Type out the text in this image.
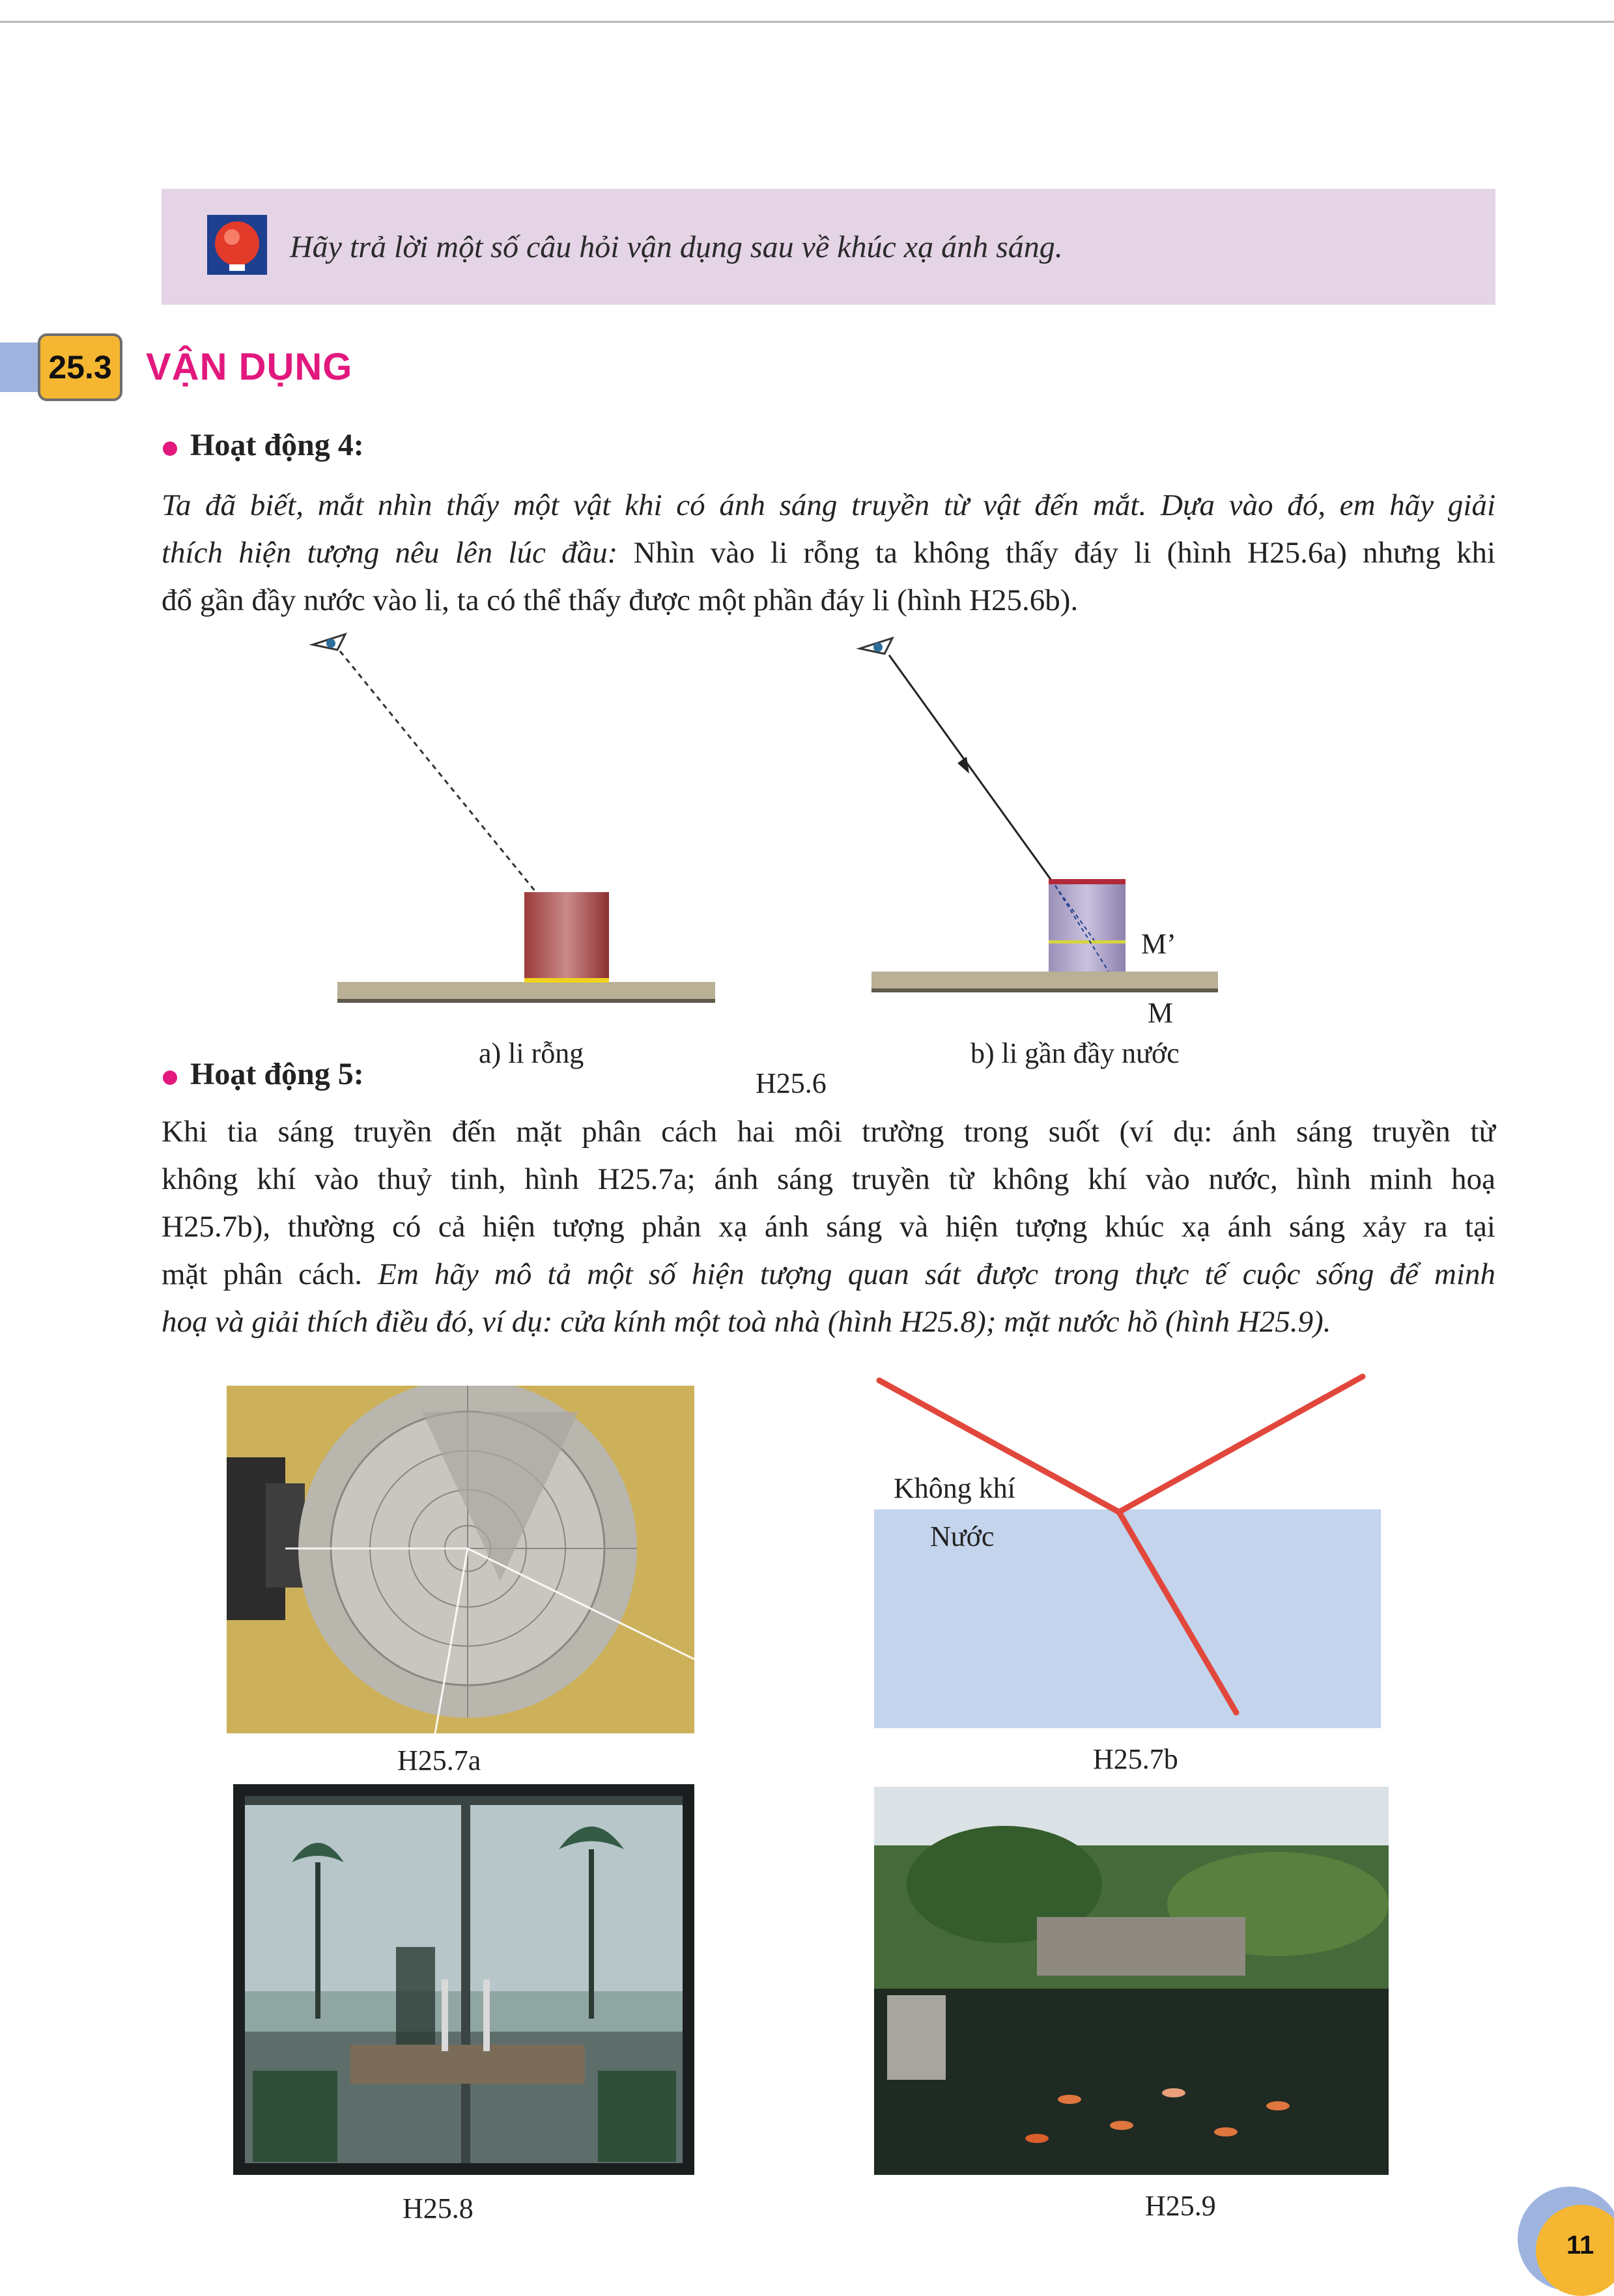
Hãy trả lời một số câu hỏi vận dụng sau về khúc xạ ánh sáng.
25.3 VẬN DỤNG
Hoạt động 4:
Ta đã biết, mắt nhìn thấy một vật khi có ánh sáng truyền từ vật đến mắt. Dựa vào đó, em hãy giải
thích hiện tượng nêu lên lúc đầu: Nhìn vào li rỗng ta không thấy đáy li (hình H25.6a) nhưng khi
đổ gần đầy nước vào li, ta có thể thấy được một phần đáy li (hình H25.6b).
M’
M
a) li rỗng	b) li gần đầy nước
H25.6
Hoạt động 5:
Khi tia sáng truyền đến mặt phân cách hai môi trường trong suốt (ví dụ: ánh sáng truyền từ
không khí vào thuỷ tinh, hình H25.7a; ánh sáng truyền từ không khí vào nước, hình minh hoạ
H25.7b), thường có cả hiện tượng phản xạ ánh sáng và hiện tượng khúc xạ ánh sáng xảy ra tại
mặt phân cách. Em hãy mô tả một số hiện tượng quan sát được trong thực tế cuộc sống để minh
hoạ và giải thích điều đó, ví dụ: cửa kính một toà nhà (hình H25.8); mặt nước hồ (hình H25.9).
H25.7a
Không khí
Nước
H25.7b
H25.8	H25.9
11
